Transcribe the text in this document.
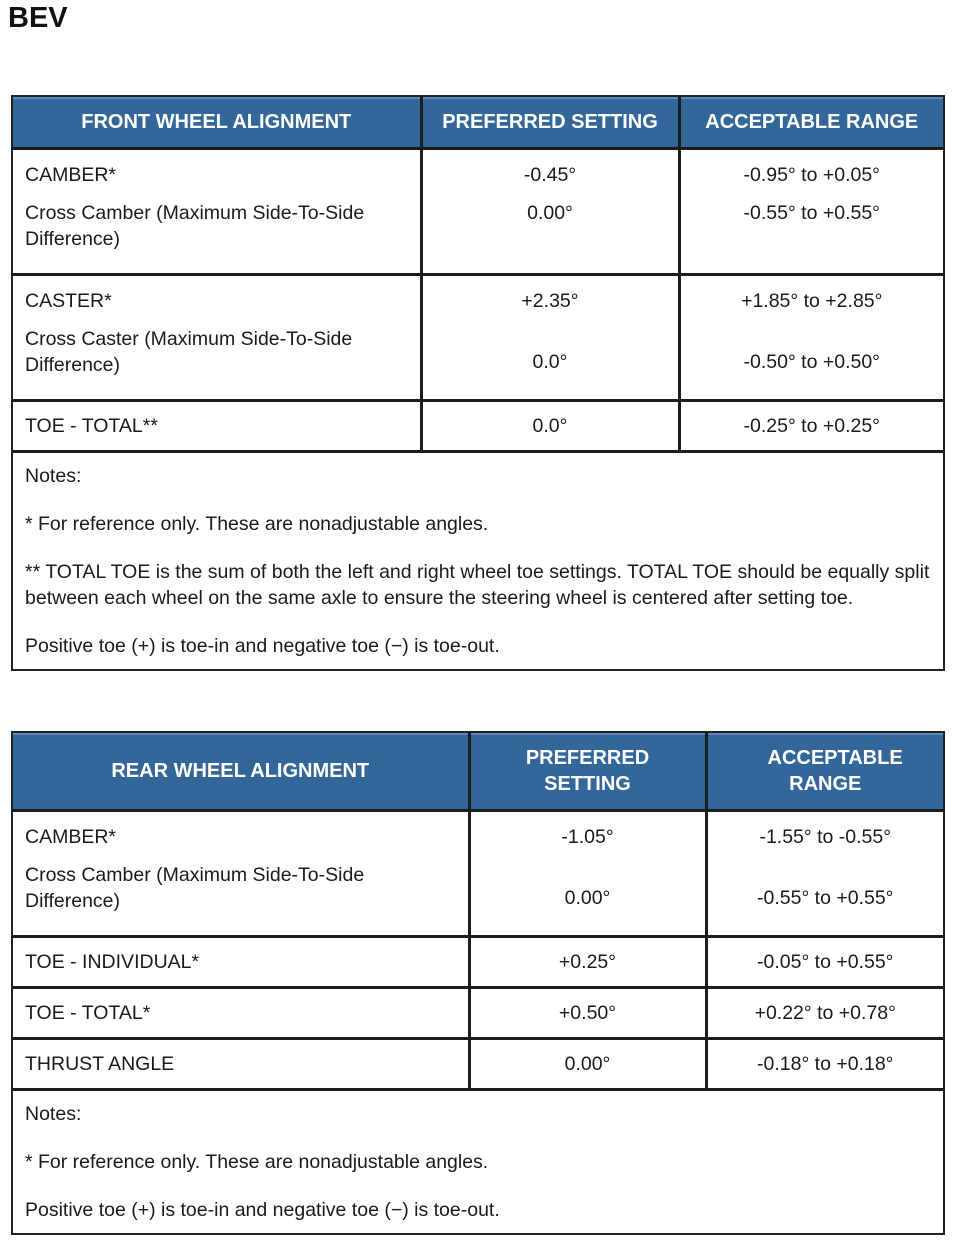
BEV
FRONT WHEEL ALIGNMENT	PREFERRED SETTING	ACCEPTABLE RANGE
CAMBER*	-0.45°	-0.95° to +0.05°
Cross Camber (Maximum Side-To-Side Difference)	0.00°	-0.55° to +0.55°
CASTER*	+2.35°	+1.85° to +2.85°
Cross Caster (Maximum Side-To-Side Difference)	0.0°	-0.50° to +0.50°
TOE - TOTAL**	0.0°	-0.25° to +0.25°

Notes:

* For reference only. These are nonadjustable angles.

** TOTAL TOE is the sum of both the left and right wheel toe settings. TOTAL TOE should be equally split between each wheel on the same axle to ensure the steering wheel is centered after setting toe.

Positive toe (+) is toe-in and negative toe (−) is toe-out.		

REAR WHEEL ALIGNMENT	PREFERRED SETTING	ACCEPTABLE RANGE
CAMBER*	-1.05°	-1.55° to -0.55°
Cross Camber (Maximum Side-To-Side Difference)	0.00°	-0.55° to +0.55°
TOE - INDIVIDUAL*	+0.25°	-0.05° to +0.55°
TOE - TOTAL*	+0.50°	+0.22° to +0.78°
THRUST ANGLE	0.00°	-0.18° to +0.18°

Notes:

* For reference only. These are nonadjustable angles.

Positive toe (+) is toe-in and negative toe (−) is toe-out.		
